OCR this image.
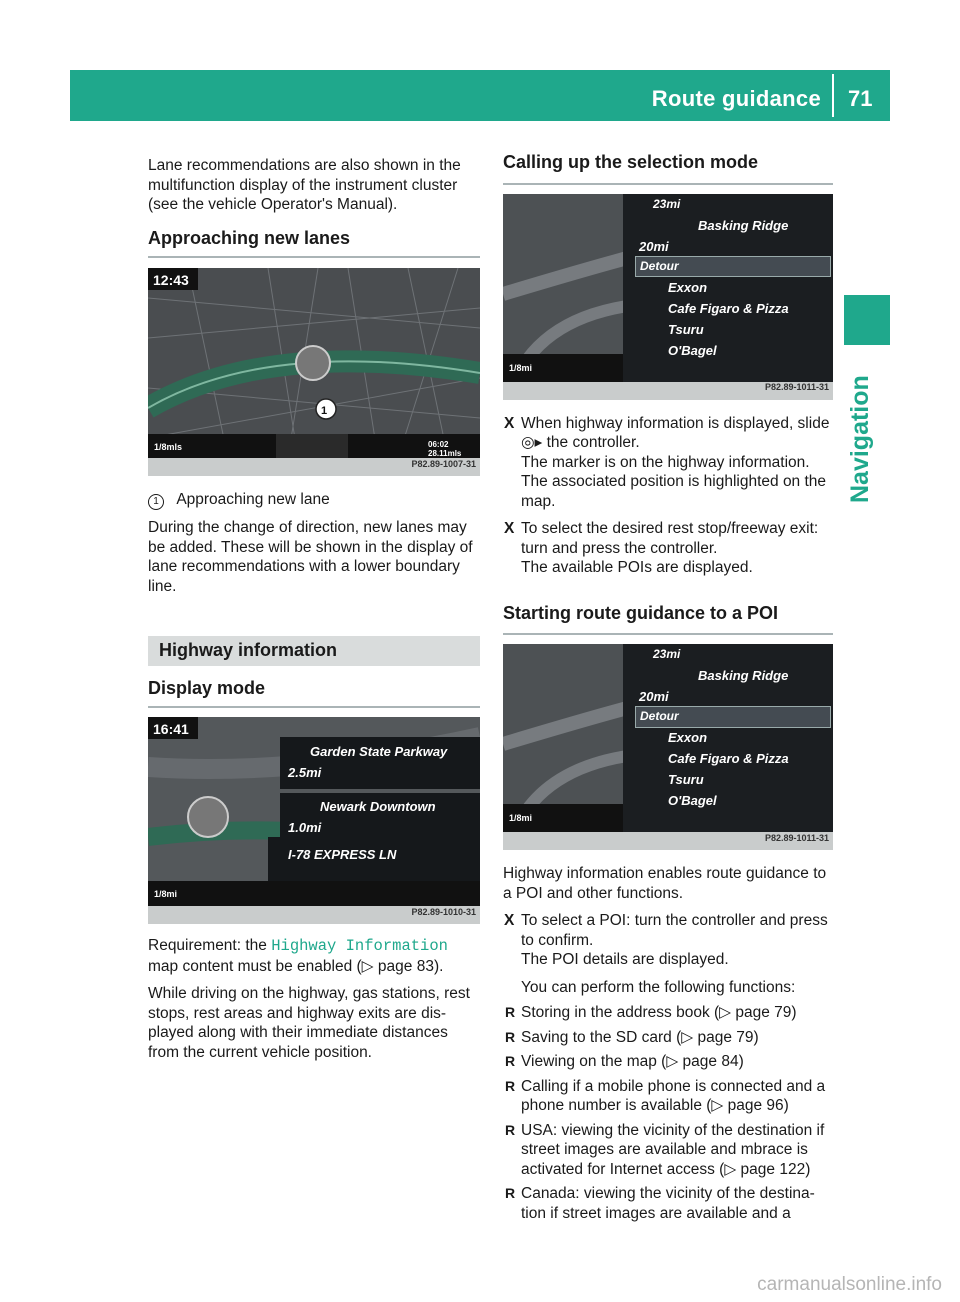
Route guidance 71
Navigation

Lane recommendations are also shown in the multifunction display of the instrument cluster (see the vehicle Operator's Manual).

Approaching new lanes
12:43
1
1/8mls	06:02
28.11mls
P82.89-1007-31

1 Approaching new lane

During the change of direction, new lanes may be added. These will be shown in the display of lane recommendations with a lower boundary line.

Highway information
Display mode
16:41
Garden State Parkway
2.5mi
Newark Downtown
1.0mi
I-78 EXPRESS LN
1/8mi
P82.89-1010-31

Requirement: the Highway Information map content must be enabled (▷ page 83).

While driving on the highway, gas stations, rest stops, rest areas and highway exits are dis- played along with their immediate distances from the current vehicle position.

Calling up the selection mode
23mi
Basking Ridge
20mi
Detour
Exxon
Cafe Figaro & Pizza
Tsuru
O'Bagel
1/8mi
P82.89-1011-31
X When highway information is displayed, slide ◎▸ the controller.
The marker is on the highway information. The associated position is highlighted on the map.
X To select the desired rest stop/freeway exit: turn and press the controller.
The available POIs are displayed.
Starting route guidance to a POI
23mi
Basking Ridge
20mi
Detour
Exxon
Cafe Figaro & Pizza
Tsuru
O'Bagel
1/8mi
P82.89-1011-31

Highway information enables route guidance to a POI and other functions.

X To select a POI: turn the controller and press to confirm.
The POI details are displayed.

You can perform the following functions:

R Storing in the address book (▷ page 79)
R Saving to the SD card (▷ page 79)
R Viewing on the map (▷ page 84)
R Calling if a mobile phone is connected and a phone number is available (▷ page 96)
R USA: viewing the vicinity of the destination if street images are available and mbrace is activated for Internet access (▷ page 122)
R Canada: viewing the vicinity of the destina- tion if street images are available and a
carmanualsonline.info
